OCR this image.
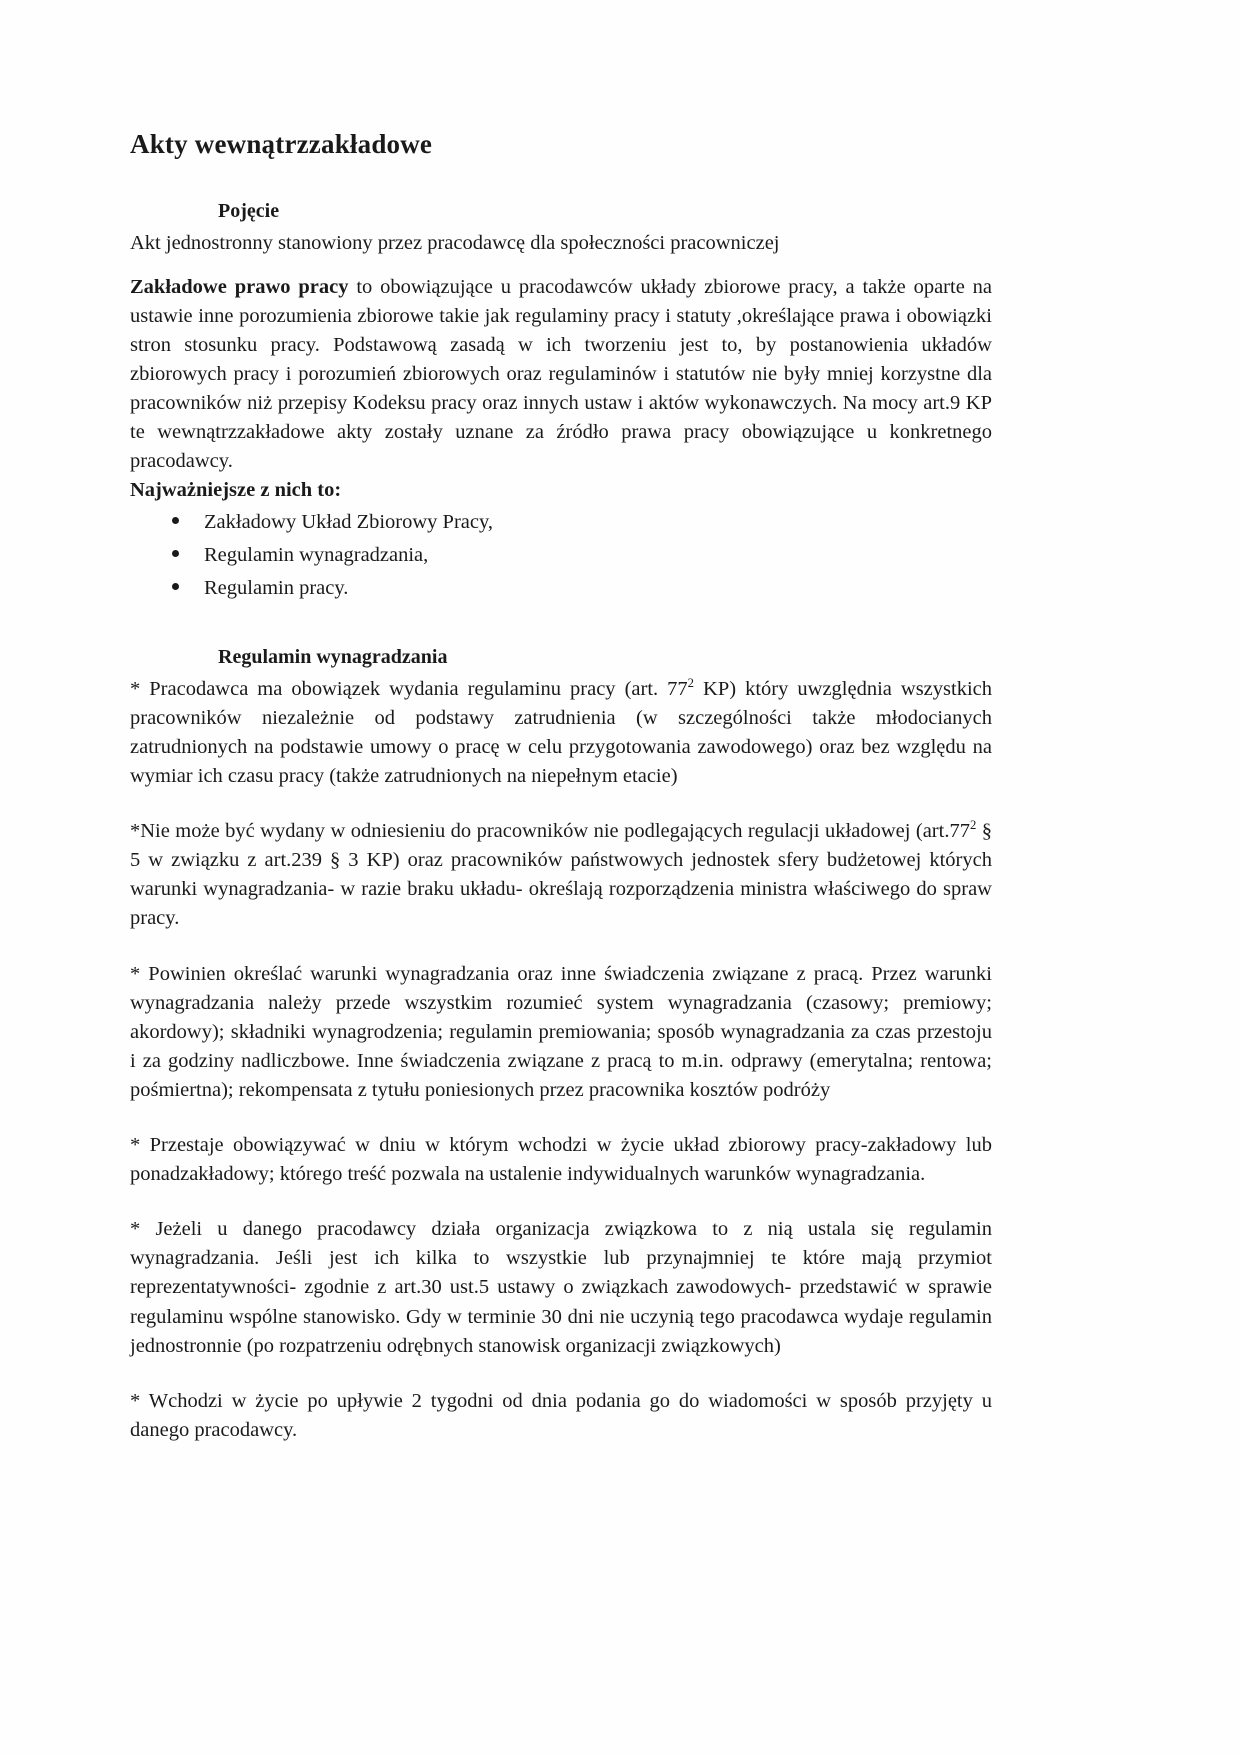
Akty wewnątrzzakładowe
Pojęcie

Akt jednostronny stanowiony przez pracodawcę dla społeczności pracowniczej

Zakładowe prawo pracy to obowiązujące u pracodawców układy zbiorowe pracy, a także oparte na ustawie inne porozumienia zbiorowe takie jak regulaminy pracy i statuty ,określające prawa i obowiązki stron stosunku pracy. Podstawową zasadą w ich tworzeniu jest to, by postanowienia układów zbiorowych pracy i porozumień zbiorowych oraz regulaminów i statutów nie były mniej korzystne dla pracowników niż przepisy Kodeksu pracy oraz innych ustaw i aktów wykonawczych. Na mocy art.9 KP te wewnątrzzakładowe akty zostały uznane za źródło prawa pracy obowiązujące u konkretnego pracodawcy.

Najważniejsze z nich to:

Zakładowy Układ Zbiorowy Pracy,
Regulamin wynagradzania,
Regulamin pracy.
Regulamin wynagradzania

* Pracodawca ma obowiązek wydania regulaminu pracy (art. $77^2$ KP) który uwzględnia wszystkich pracowników niezależnie od podstawy zatrudnienia (w szczególności także młodocianych zatrudnionych na podstawie umowy o pracę w celu przygotowania zawodowego) oraz bez względu na wymiar ich czasu pracy (także zatrudnionych na niepełnym etacie)

*Nie może być wydany w odniesieniu do pracowników nie podlegających regulacji układowej ($art.77^2$ § 5 w związku z art.239 § 3 KP) oraz pracowników państwowych jednostek sfery budżetowej których warunki wynagradzania- w razie braku układu- określają rozporządzenia ministra właściwego do spraw pracy.

* Powinien określać warunki wynagradzania oraz inne świadczenia związane z pracą. Przez warunki wynagradzania należy przede wszystkim rozumieć system wynagradzania (czasowy; premiowy; akordowy); składniki wynagrodzenia; regulamin premiowania; sposób wynagradzania za czas przestoju i za godziny nadliczbowe. Inne świadczenia związane z pracą to m.in. odprawy (emerytalna; rentowa; pośmiertna); rekompensata z tytułu poniesionych przez pracownika kosztów podróży

* Przestaje obowiązywać w dniu w którym wchodzi w życie układ zbiorowy pracy-zakładowy lub ponadzakładowy; którego treść pozwala na ustalenie indywidualnych warunków wynagradzania.

* Jeżeli u danego pracodawcy działa organizacja związkowa to z nią ustala się regulamin wynagradzania. Jeśli jest ich kilka to wszystkie lub przynajmniej te które mają przymiot reprezentatywności- zgodnie z art.30 ust.5 ustawy o związkach zawodowych- przedstawić w sprawie regulaminu wspólne stanowisko. Gdy w terminie 30 dni nie uczynią tego pracodawca wydaje regulamin jednostronnie (po rozpatrzeniu odrębnych stanowisk organizacji związkowych)

* Wchodzi w życie po upływie 2 tygodni od dnia podania go do wiadomości w sposób przyjęty u danego pracodawcy.
